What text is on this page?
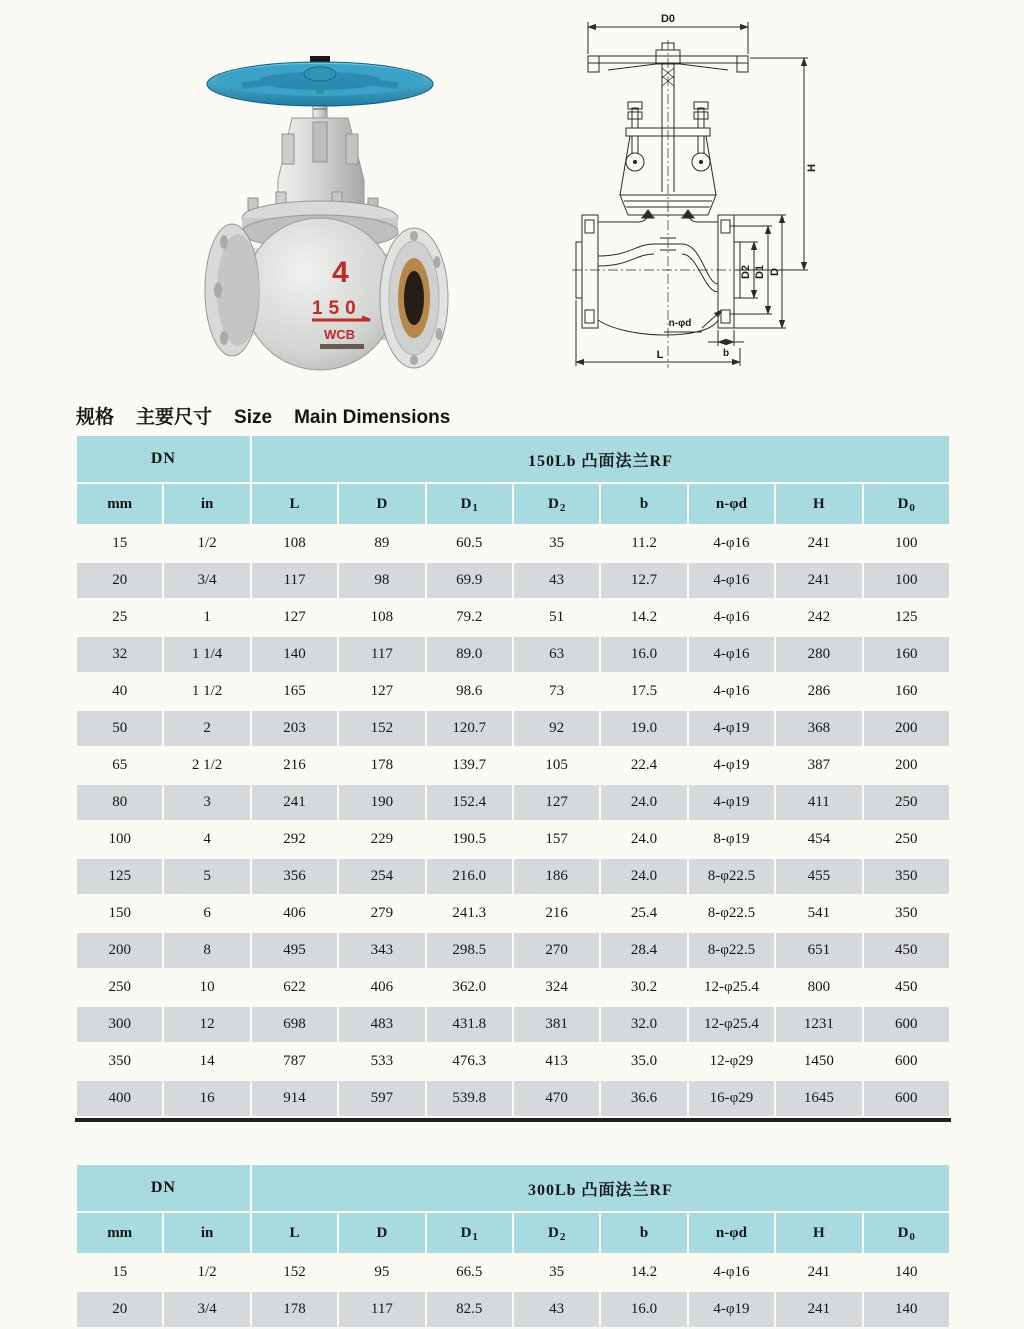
4
150
WCB
D0
H
D2 D1 D
n-φd
b
L
规格 主要尺寸 Size Main Dimensions
DN		150Lb 凸面法兰RF							
mm	in	L	D	$D_1$	$D_2$	b	n-φd	H	$D_0$
15	1/2	108	89	60.5	35	11.2	4-φ16	241	100
20	3/4	117	98	69.9	43	12.7	4-φ16	241	100
25	1	127	108	79.2	51	14.2	4-φ16	242	125
32	1 1/4	140	117	89.0	63	16.0	4-φ16	280	160
40	1 1/2	165	127	98.6	73	17.5	4-φ16	286	160
50	2	203	152	120.7	92	19.0	4-φ19	368	200
65	2 1/2	216	178	139.7	105	22.4	4-φ19	387	200
80	3	241	190	152.4	127	24.0	4-φ19	411	250
100	4	292	229	190.5	157	24.0	8-φ19	454	250
125	5	356	254	216.0	186	24.0	8-φ22.5	455	350
150	6	406	279	241.3	216	25.4	8-φ22.5	541	350
200	8	495	343	298.5	270	28.4	8-φ22.5	651	450
250	10	622	406	362.0	324	30.2	12-φ25.4	800	450
300	12	698	483	431.8	381	32.0	12-φ25.4	1231	600
350	14	787	533	476.3	413	35.0	12-φ29	1450	600
400	16	914	597	539.8	470	36.6	16-φ29	1645	600
DN		300Lb 凸面法兰RF							
mm	in	L	D	$D_1$	$D_2$	b	n-φd	H	$D_0$
15	1/2	152	95	66.5	35	14.2	4-φ16	241	140
20	3/4	178	117	82.5	43	16.0	4-φ19	241	140
